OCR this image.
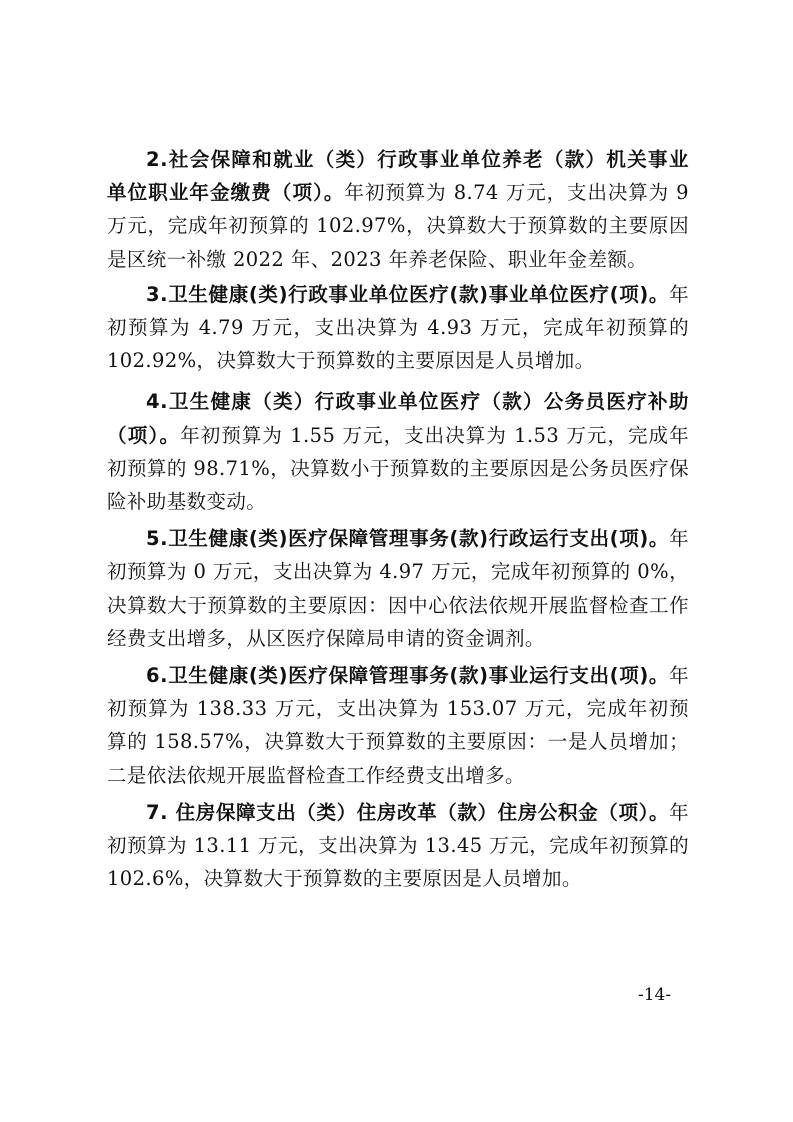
2.社会保障和就业（类）行政事业单位养老（款）机关事业单位职业年金缴费（项）。年初预算为 8.74 万元，支出决算为 9 万元，完成年初预算的 102.97%，决算数大于预算数的主要原因是区统一补缴 2022 年、2023 年养老保险、职业年金差额。

3.卫生健康(类)行政事业单位医疗(款)事业单位医疗(项)。年初预算为 4.79 万元，支出决算为 4.93 万元，完成年初预算的 102.92%，决算数大于预算数的主要原因是人员增加。

4.卫生健康（类）行政事业单位医疗（款）公务员医疗补助（项）。年初预算为 1.55 万元，支出决算为 1.53 万元，完成年初预算的 98.71%，决算数小于预算数的主要原因是公务员医疗保险补助基数变动。

5.卫生健康(类)医疗保障管理事务(款)行政运行支出(项)。年初预算为 0 万元，支出决算为 4.97 万元，完成年初预算的 0%，决算数大于预算数的主要原因：因中心依法依规开展监督检查工作经费支出增多，从区医疗保障局申请的资金调剂。

6.卫生健康(类)医疗保障管理事务(款)事业运行支出(项)。年初预算为 138.33 万元，支出决算为 153.07 万元，完成年初预算的 158.57%，决算数大于预算数的主要原因：一是人员增加；二是依法依规开展监督检查工作经费支出增多。

7. 住房保障支出（类）住房改革（款）住房公积金（项）。年初预算为 13.11 万元，支出决算为 13.45 万元，完成年初预算的 102.6%，决算数大于预算数的主要原因是人员增加。

-14-
